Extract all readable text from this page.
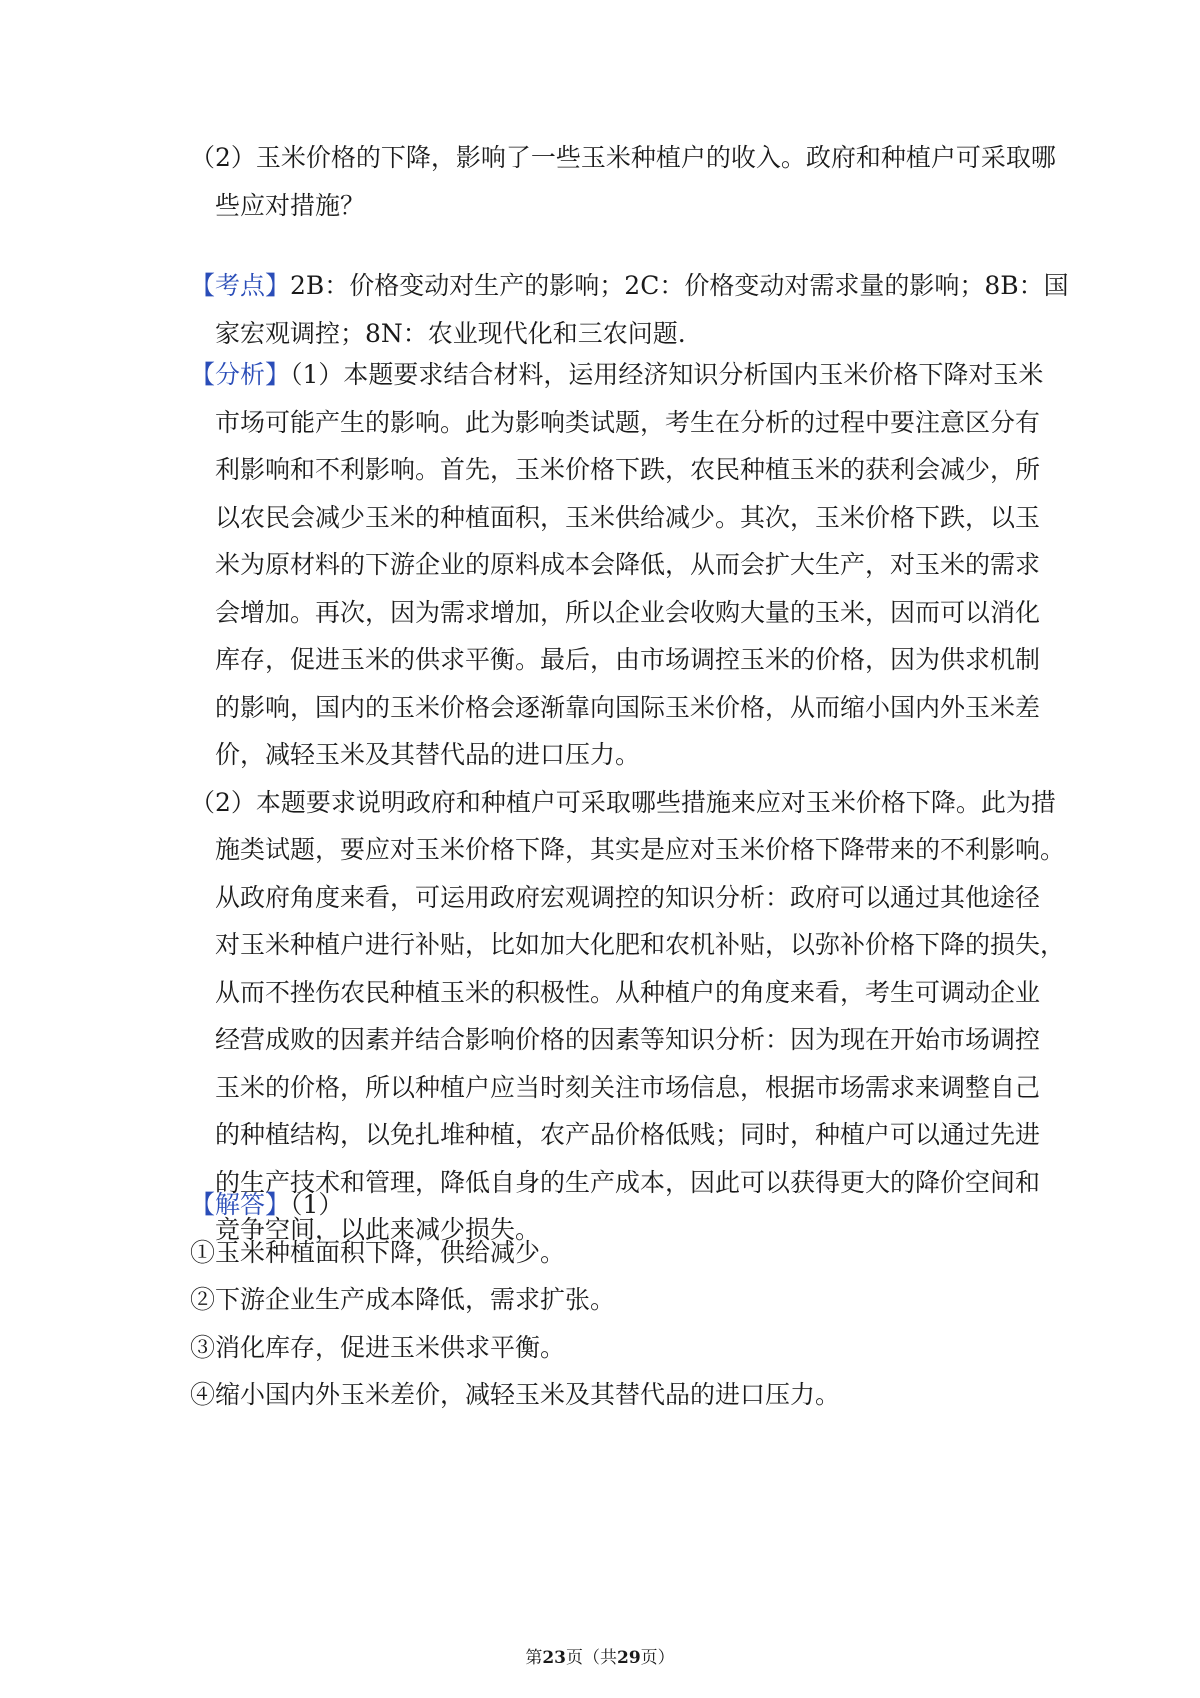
（2）玉米价格的下降，影响了一些玉米种植户的收入。政府和种植户可采取哪
些应对措施？
【考点】2B：价格变动对生产的影响；2C：价格变动对需求量的影响；8B：国
家宏观调控；8N：农业现代化和三农问题.
【分析】（1）本题要求结合材料，运用经济知识分析国内玉米价格下降对玉米
市场可能产生的影响。此为影响类试题，考生在分析的过程中要注意区分有
利影响和不利影响。首先，玉米价格下跌，农民种植玉米的获利会减少，所
以农民会减少玉米的种植面积，玉米供给减少。其次，玉米价格下跌，以玉
米为原材料的下游企业的原料成本会降低，从而会扩大生产，对玉米的需求
会增加。再次，因为需求增加，所以企业会收购大量的玉米，因而可以消化
库存，促进玉米的供求平衡。最后，由市场调控玉米的价格，因为供求机制
的影响，国内的玉米价格会逐渐靠向国际玉米价格，从而缩小国内外玉米差
价，减轻玉米及其替代品的进口压力。
（2）本题要求说明政府和种植户可采取哪些措施来应对玉米价格下降。此为措
施类试题，要应对玉米价格下降，其实是应对玉米价格下降带来的不利影响。
从政府角度来看，可运用政府宏观调控的知识分析：政府可以通过其他途径
对玉米种植户进行补贴，比如加大化肥和农机补贴，以弥补价格下降的损失，
从而不挫伤农民种植玉米的积极性。从种植户的角度来看，考生可调动企业
经营成败的因素并结合影响价格的因素等知识分析：因为现在开始市场调控
玉米的价格，所以种植户应当时刻关注市场信息，根据市场需求来调整自己
的种植结构，以免扎堆种植，农产品价格低贱；同时，种植户可以通过先进
的生产技术和管理，降低自身的生产成本，因此可以获得更大的降价空间和
竞争空间，以此来减少损失。
【解答】（1）
①玉米种植面积下降，供给减少。
②下游企业生产成本降低，需求扩张。
③消化库存，促进玉米供求平衡。
④缩小国内外玉米差价，减轻玉米及其替代品的进口压力。
第23页（共29页）
